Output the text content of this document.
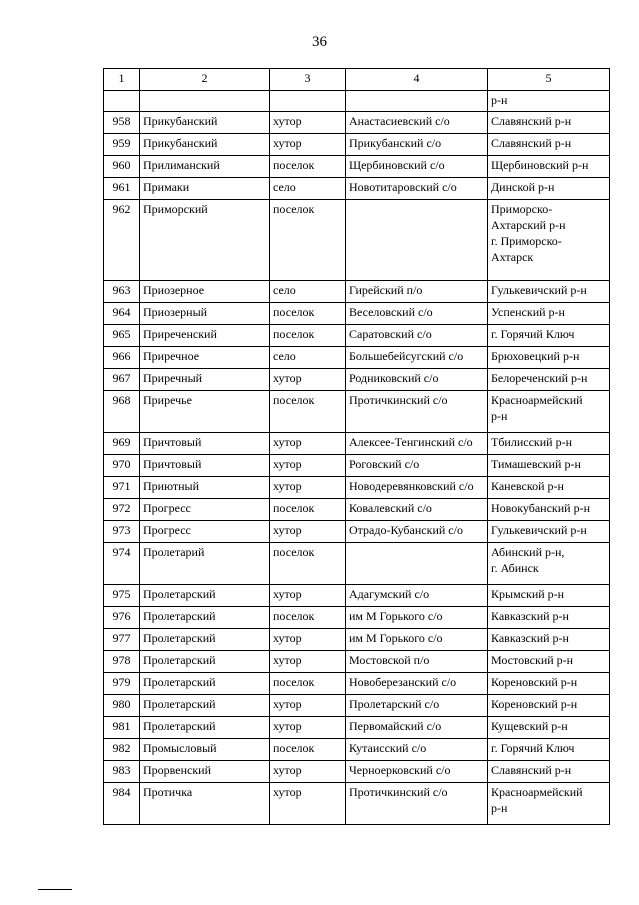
36
1	2	3	4	5
				р-н
958	Прикубанский	хутор	Анастасиевский с/о	Славянский р-н

959	Прикубанский	хутор	Прикубанский с/о	Славянский р-н

960	Прилиманский	поселок	Щербиновский с/о	Щербиновский р-н

961	Примаки	село	Новотитаровский с/о	Динской р-н

962	Приморский	поселок		Приморско-
Ахтарский р-н
г. Приморско-
Ахтарск

963	Приозерное	село	Гирейский п/о	Гулькевичский р-н

964	Приозерный	поселок	Веселовский с/о	Успенский р-н

965	Приреченский	поселок	Саратовский с/о	г. Горячий Ключ

966	Приречное	село	Большебейсугский с/о	Брюховецкий р-н

967	Приречный	хутор	Родниковский с/о	Белореченский р-н

968	Приречье	поселок	Протичкинский с/о	Красноармейский
р-н

969	Причтовый	хутор	Алексее-Тенгинский с/о	Тбилисский р-н

970	Причтовый	хутор	Роговский с/о	Тимашевский р-н

971	Приютный	хутор	Новодеревянковский с/о	Каневской р-н

972	Прогресс	поселок	Ковалевский с/о	Новокубанский р-н

973	Прогресс	хутор	Отрадо-Кубанский с/о	Гулькевичский р-н

974	Пролетарий	поселок		Абинский р-н,
г. Абинск

975	Пролетарский	хутор	Адагумский с/о	Крымский р-н

976	Пролетарский	поселок	им М Горького с/о	Кавказский р-н

977	Пролетарский	хутор	им М Горького с/о	Кавказский р-н

978	Пролетарский	хутор	Мостовской п/о	Мостовский р-н

979	Пролетарский	поселок	Новоберезанский с/о	Кореновский р-н

980	Пролетарский	хутор	Пролетарский с/о	Кореновский р-н

981	Пролетарский	хутор	Первомайский с/о	Кущевский р-н

982	Промысловый	поселок	Кутаисский с/о	г. Горячий Ключ

983	Прорвенский	хутор	Черноерковский с/о	Славянский р-н

984	Протичка	хутор	Протичкинский с/о	Красноармейский
р-н
